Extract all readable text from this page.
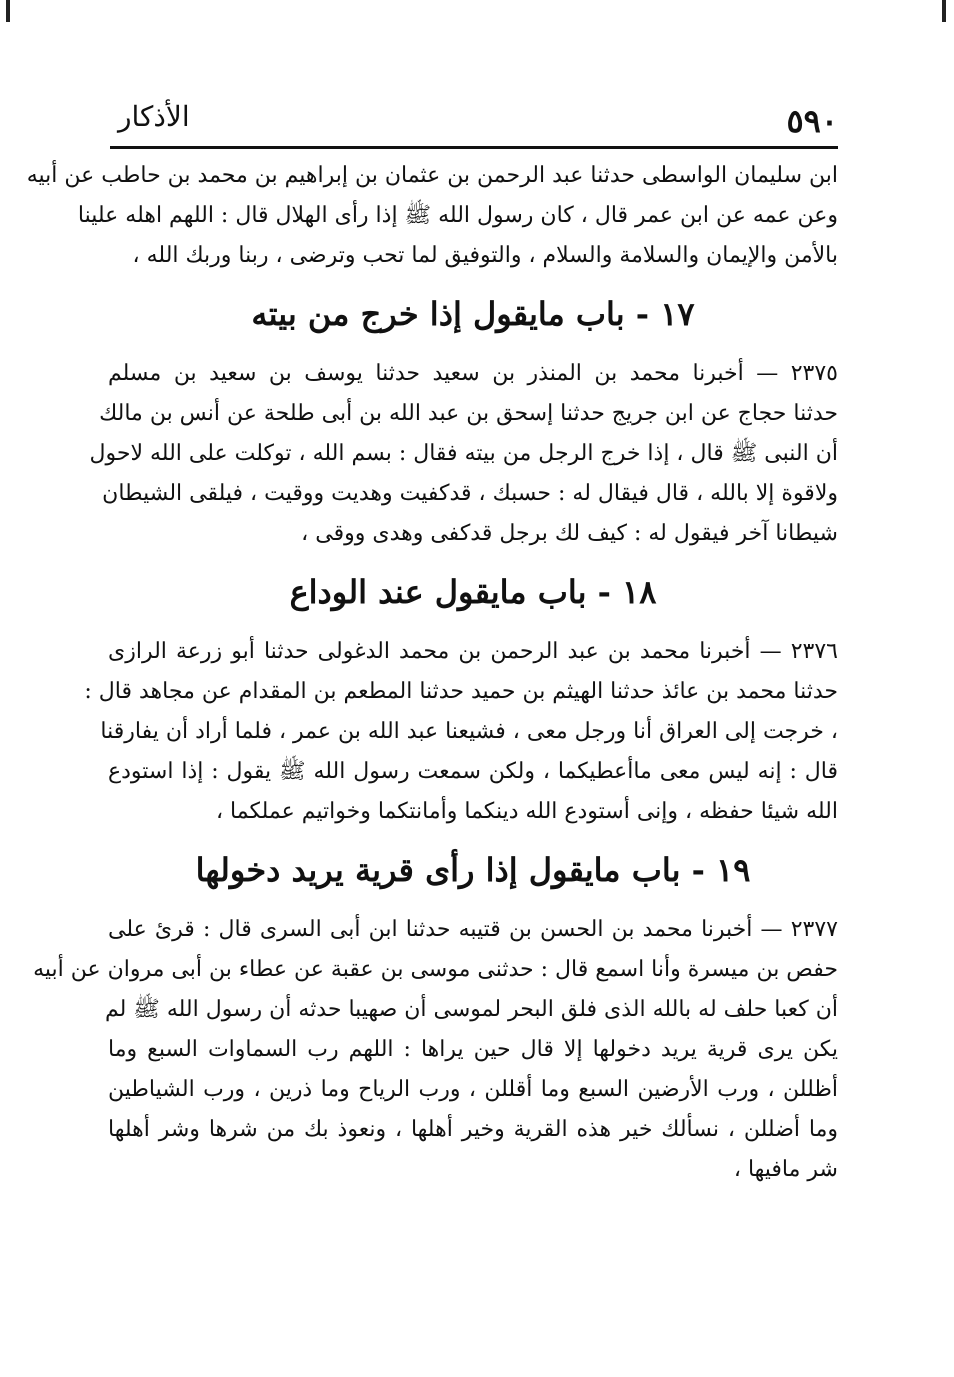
٥٩٠
الأذكار
ابن سليمان الواسطى حدثنا عبد الرحمن بن عثمان بن إبراهيم بن محمد بن حاطب عن أبيه
وعن عمه عن ابن عمر قال ، كان رسول الله ﷺ إذا رأى الهلال قال : اللهم اهله علينا
بالأمن والإيمان والسلامة والسلام ، والتوفيق لما تحب وترضى ، ربنا وربك الله ،
١٧ - باب مايقول إذا خرج من بيته
٢٣٧٥ — أخبرنا محمد بن المنذر بن سعيد حدثنا يوسف بن سعيد بن مسلم
حدثنا حجاج عن ابن جريج حدثنا إسحق بن عبد الله بن أبى طلحة عن أنس بن مالك
أن النبى ﷺ قال ، إذا خرج الرجل من بيته فقال : بسم الله ، توكلت على الله لاحول
ولاقوة إلا بالله ، قال فيقال له : حسبك ، قدكفيت وهديت ووقيت ، فيلقى الشيطان
شيطانا آخر فيقول له : كيف لك برجل قدكفى وهدى ووقى ،
١٨ - باب مايقول عند الوداع
٢٣٧٦ — أخبرنا محمد بن عبد الرحمن بن محمد الدغولى حدثنا أبو زرعة الرازى
حدثنا محمد بن عائذ حدثنا الهيثم بن حميد حدثنا المطعم بن المقدام عن مجاهد قال :
، خرجت إلى العراق أنا ورجل معى ، فشيعنا عبد الله بن عمر ، فلما أراد أن يفارقنا
قال : إنه ليس معى ماأعطيكما ، ولكن سمعت رسول الله ﷺ يقول : إذا استودع
الله شيئا حفظه ، وإنى أستودع الله دينكما وأمانتكما وخواتيم عملكما ،
١٩ - باب مايقول إذا رأى قرية يريد دخولها
٢٣٧٧ — أخبرنا محمد بن الحسن بن قتيبه حدثنا ابن أبى السرى قال : قرئ على
حفص بن ميسرة وأنا اسمع قال : حدثنى موسى بن عقبة عن عطاء بن أبى مروان عن أبيه
أن كعبا حلف له بالله الذى فلق البحر لموسى أن صهيبا حدثه أن رسول الله ﷺ لم
يكن يرى قرية يريد دخولها إلا قال حين يراها : اللهم رب السماوات السبع وما
أظللن ، ورب الأرضين السبع وما أقللن ، ورب الرياح وما ذرين ، ورب الشياطين
وما أضللن ، نسألك خير هذه القرية وخير أهلها ، ونعوذ بك من شرها وشر أهلها
شر مافيها ،
